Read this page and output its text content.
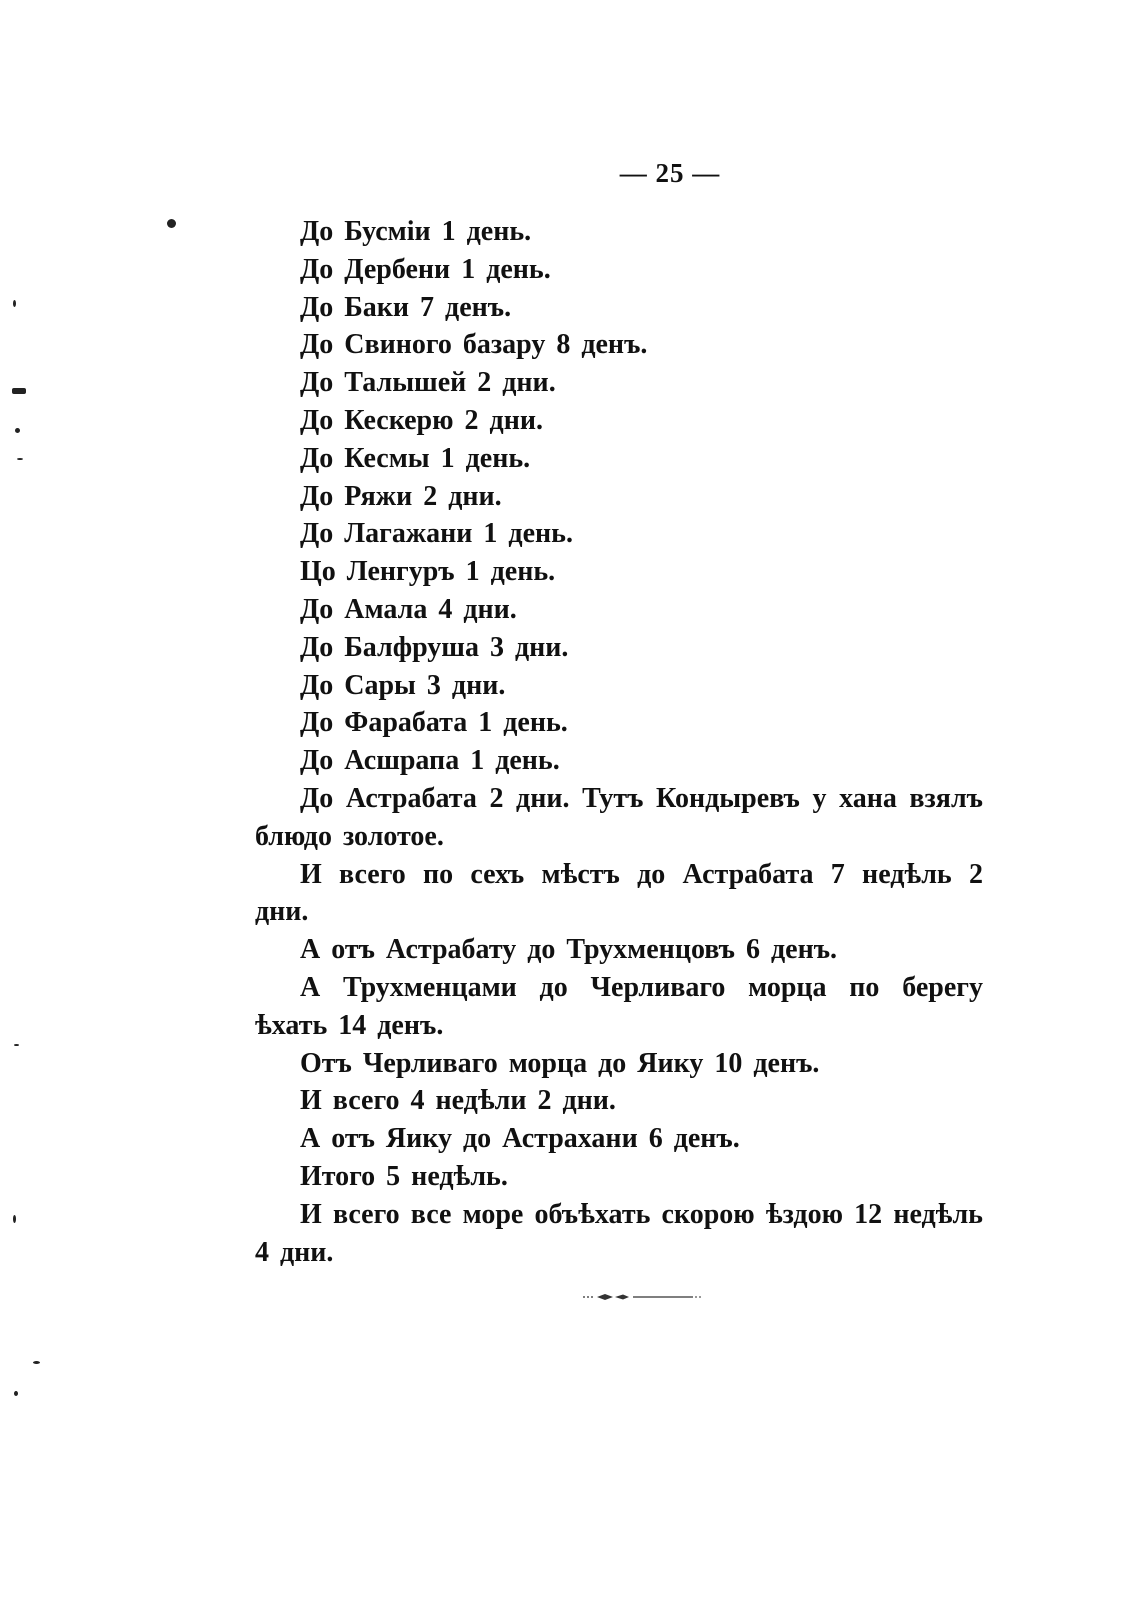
— 25 —

До Бусміи 1 день.

До Дербени 1 день.

До Баки 7 денъ.

До Свиного базару 8 денъ.

До Талышей 2 дни.

До Кескерю 2 дни.

До Кесмы 1 день.

До Ряжи 2 дни.

До Лагажани 1 день.

Цо Ленгуръ 1 день.

До Амала 4 дни.

До Балфруша 3 дни.

До Сары 3 дни.

До Фарабата 1 день.

До Асшрапа 1 день.

До Астрабата 2 дни. Тутъ Кондыревъ у хана взялъ блюдо золотое.

И всего по сехъ мѣстъ до Астрабата 7 недѣль 2 дни.

А отъ Астрабату до Трухменцовъ 6 денъ.

А Трухменцами до Черливаго морца по берегу ѣхать 14 денъ.

Отъ Черливаго морца до Яику 10 денъ.

И всего 4 недѣли 2 дни.

А отъ Яику до Астрахани 6 денъ.

Итого 5 недѣль.

И всего все море объѣхать скорою ѣздою 12 недѣль 4 дни.
